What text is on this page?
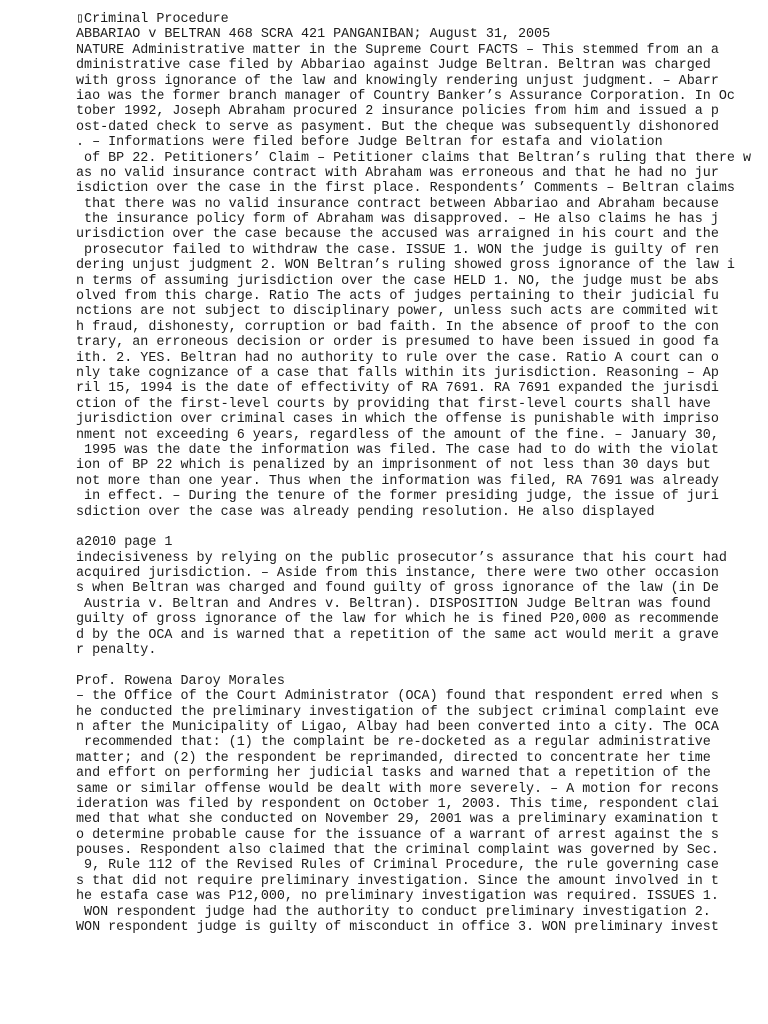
▯Criminal Procedure
ABBARIAO v BELTRAN 468 SCRA 421 PANGANIBAN; August 31, 2005
NATURE Administrative matter in the Supreme Court FACTS – This stemmed from an a
dministrative case filed by Abbariao against Judge Beltran. Beltran was charged
with gross ignorance of the law and knowingly rendering unjust judgment. – Abarr
iao was the former branch manager of Country Banker’s Assurance Corporation. In Oc
tober 1992, Joseph Abraham procured 2 insurance policies from him and issued a p
ost-dated check to serve as pasyment. But the cheque was subsequently dishonored
. – Informations were filed before Judge Beltran for estafa and violation
of BP 22. Petitioners’ Claim – Petitioner claims that Beltran’s ruling that there w
as no valid insurance contract with Abraham was erroneous and that he had no jur
isdiction over the case in the first place. Respondents’ Comments – Beltran claims
that there was no valid insurance contract between Abbariao and Abraham because
the insurance policy form of Abraham was disapproved. – He also claims he has j
urisdiction over the case because the accused was arraigned in his court and the
prosecutor failed to withdraw the case. ISSUE 1. WON the judge is guilty of ren
dering unjust judgment 2. WON Beltran’s ruling showed gross ignorance of the law i
n terms of assuming jurisdiction over the case HELD 1. NO, the judge must be abs
olved from this charge. Ratio The acts of judges pertaining to their judicial fu
nctions are not subject to disciplinary power, unless such acts are commited wit
h fraud, dishonesty, corruption or bad faith. In the absence of proof to the con
trary, an erroneous decision or order is presumed to have been issued in good fa
ith. 2. YES. Beltran had no authority to rule over the case. Ratio A court can o
nly take cognizance of a case that falls within its jurisdiction. Reasoning – Ap
ril 15, 1994 is the date of effectivity of RA 7691. RA 7691 expanded the jurisdi
ction of the first-level courts by providing that first-level courts shall have
jurisdiction over criminal cases in which the offense is punishable with impriso
nment not exceeding 6 years, regardless of the amount of the fine. – January 30,
1995 was the date the information was filed. The case had to do with the violat
ion of BP 22 which is penalized by an imprisonment of not less than 30 days but
not more than one year. Thus when the information was filed, RA 7691 was already
in effect. – During the tenure of the former presiding judge, the issue of juri
sdiction over the case was already pending resolution. He also displayed
a2010 page 1
indecisiveness by relying on the public prosecutor’s assurance that his court had
acquired jurisdiction. – Aside from this instance, there were two other occasion
s when Beltran was charged and found guilty of gross ignorance of the law (in De
Austria v. Beltran and Andres v. Beltran). DISPOSITION Judge Beltran was found
guilty of gross ignorance of the law for which he is fined P20,000 as recommende
d by the OCA and is warned that a repetition of the same act would merit a grave
r penalty.
Prof. Rowena Daroy Morales
– the Office of the Court Administrator (OCA) found that respondent erred when s
he conducted the preliminary investigation of the subject criminal complaint eve
n after the Municipality of Ligao, Albay had been converted into a city. The OCA
recommended that: (1) the complaint be re-docketed as a regular administrative
matter; and (2) the respondent be reprimanded, directed to concentrate her time
and effort on performing her judicial tasks and warned that a repetition of the
same or similar offense would be dealt with more severely. – A motion for recons
ideration was filed by respondent on October 1, 2003. This time, respondent clai
med that what she conducted on November 29, 2001 was a preliminary examination t
o determine probable cause for the issuance of a warrant of arrest against the s
pouses. Respondent also claimed that the criminal complaint was governed by Sec.
9, Rule 112 of the Revised Rules of Criminal Procedure, the rule governing case
s that did not require preliminary investigation. Since the amount involved in t
he estafa case was P12,000, no preliminary investigation was required. ISSUES 1.
WON respondent judge had the authority to conduct preliminary investigation 2.
WON respondent judge is guilty of misconduct in office 3. WON preliminary invest
